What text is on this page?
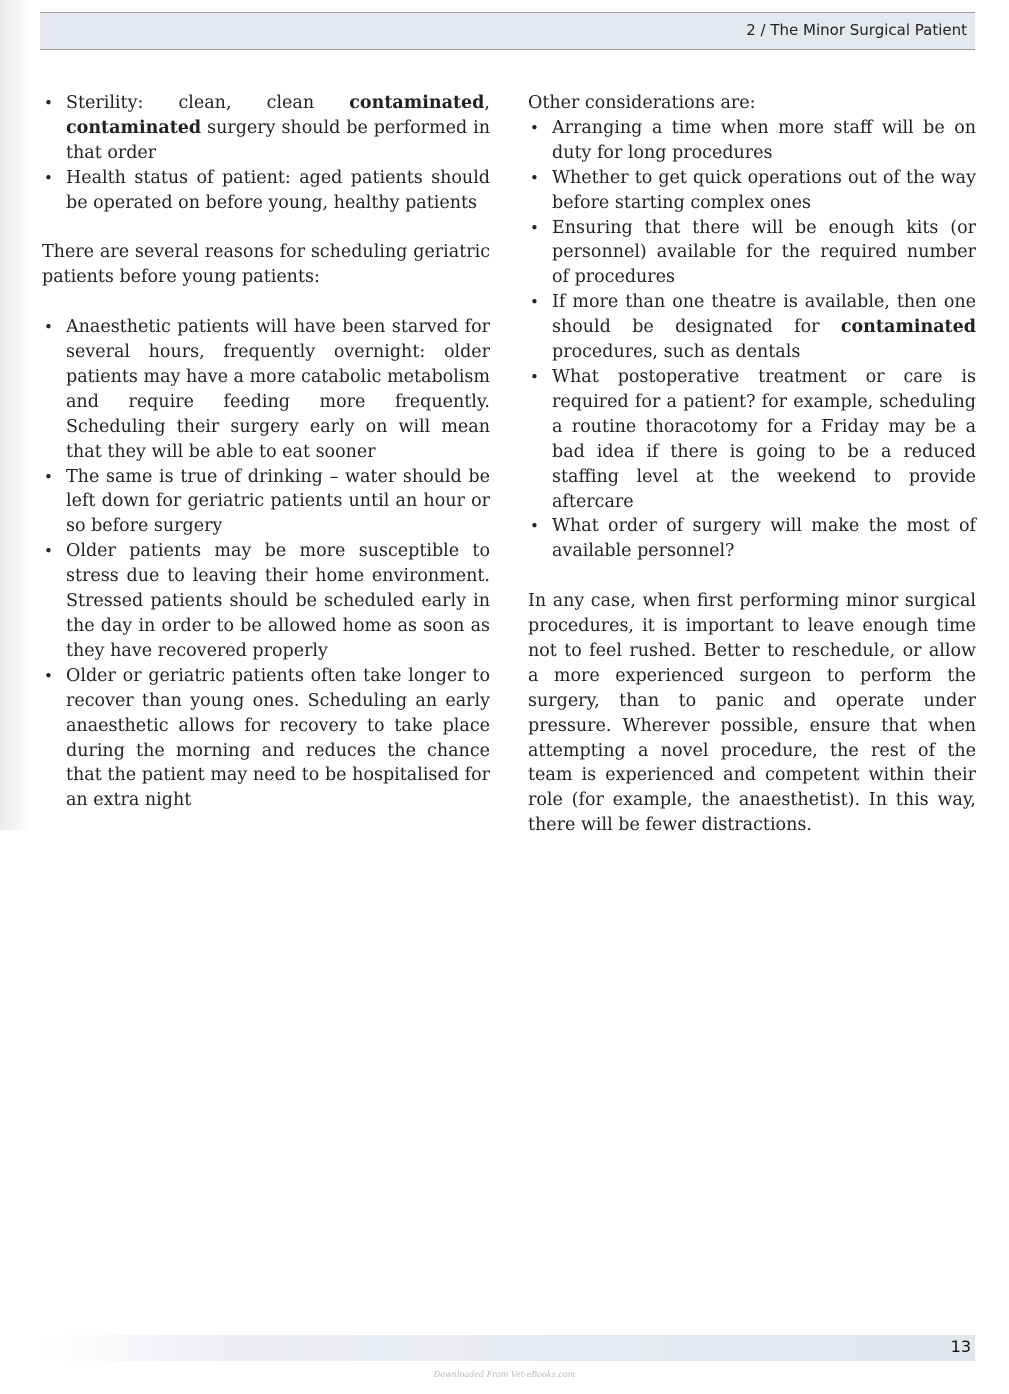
2 / The Minor Surgical Patient
• Sterility: clean, clean contaminated, contaminated surgery should be performed in that order
• Health status of patient: aged patients should be operated on before young, healthy patients

There are several reasons for scheduling geriatric patients before young patients:

• Anaesthetic patients will have been starved for several hours, frequently overnight: older patients may have a more catabolic metabolism and require feeding more frequently. Scheduling their surgery early on will mean that they will be able to eat sooner
• The same is true of drinking – water should be left down for geriatric patients until an hour or so before surgery
• Older patients may be more susceptible to stress due to leaving their home environment. Stressed patients should be scheduled early in the day in order to be allowed home as soon as they have recovered properly
• Older or geriatric patients often take longer to recover than young ones. Scheduling an early anaesthetic allows for recovery to take place during the morning and reduces the chance that the patient may need to be hospitalised for an extra night

Other considerations are:

• Arranging a time when more staff will be on duty for long procedures
• Whether to get quick operations out of the way before starting complex ones
• Ensuring that there will be enough kits (or personnel) available for the required number of procedures
• If more than one theatre is available, then one should be designated for contaminated procedures, such as dentals
• What postoperative treatment or care is required for a patient? for example, scheduling a routine thoracotomy for a Friday may be a bad idea if there is going to be a reduced staffing level at the weekend to provide aftercare
• What order of surgery will make the most of available personnel?

In any case, when first performing minor surgical procedures, it is important to leave enough time not to feel rushed. Better to reschedule, or allow a more experienced surgeon to perform the surgery, than to panic and operate under pressure. Wherever possible, ensure that when attempting a novel procedure, the rest of the team is experienced and competent within their role (for example, the anaesthetist). In this way, there will be fewer distractions.

13
Downloaded From Vet-eBooks.com
